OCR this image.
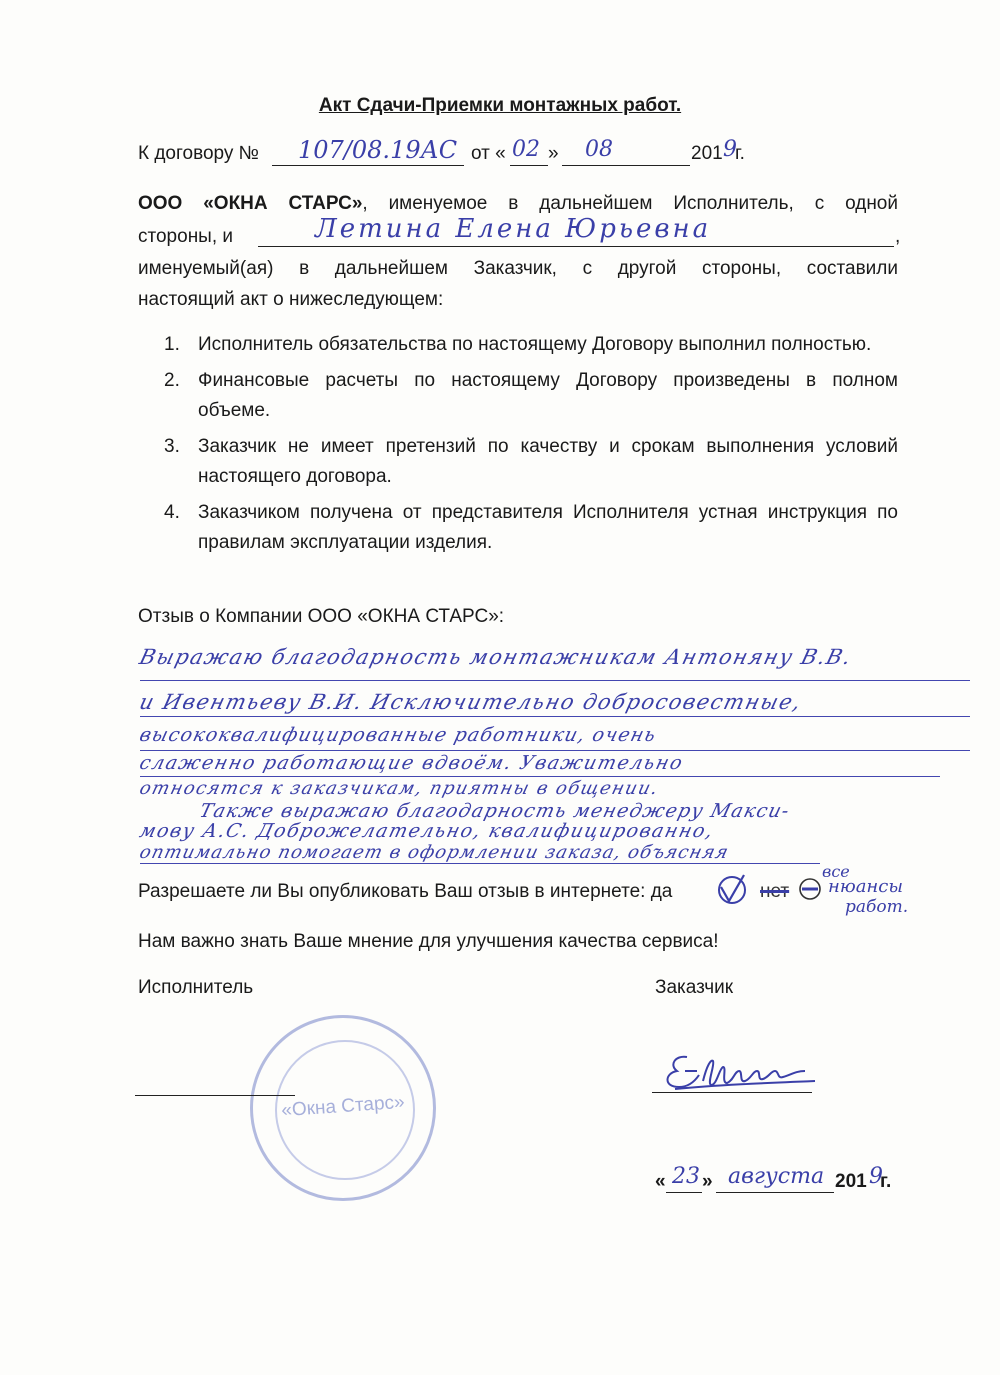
Акт Сдачи-Приемки монтажных работ.
К договору № 107/08.19АС от « 02 » 08	201 9
г.
ООО «ОКНА СТАРС», именуемое в дальнейшем Исполнитель, с одной
стороны, и	Летина Елена Юрьевна	,
именуемый(ая) в дальнейшем Заказчик, с другой стороны, составили
настоящий акт о нижеследующем:
1. Исполнитель обязательства по настоящему Договору выполнил полностью.
2. Финансовые расчеты по настоящему Договору произведены в полном объеме.
3. Заказчик не имеет претензий по качеству и срокам выполнения условий настоящего договора.
4. Заказчиком получена от представителя Исполнителя устная инструкция по правилам эксплуатации изделия.
Отзыв о Компании ООО «ОКНА СТАРС»:
Выражаю благодарность монтажникам Антоняну В.В.
и Ивентьеву В.И. Исключительно добросовестные,
высококвалифицированные работники, очень
слаженно работающие вдвоём. Уважительно
относятся к заказчикам, приятны в общении.
Также выражаю благодарность менеджеру Макси-
мову А.С. Доброжелательно, квалифицированно,
оптимально помогает в оформлении заказа, объясняя
все
нюансы
работ.
Разрешаете ли Вы опубликовать Ваш отзыв в интернете: да	нет
Нам важно знать Ваше мнение для улучшения качества сервиса!
Исполнитель	Заказчик
«Окна Старс»
« 23 » августа 201 9
г.
